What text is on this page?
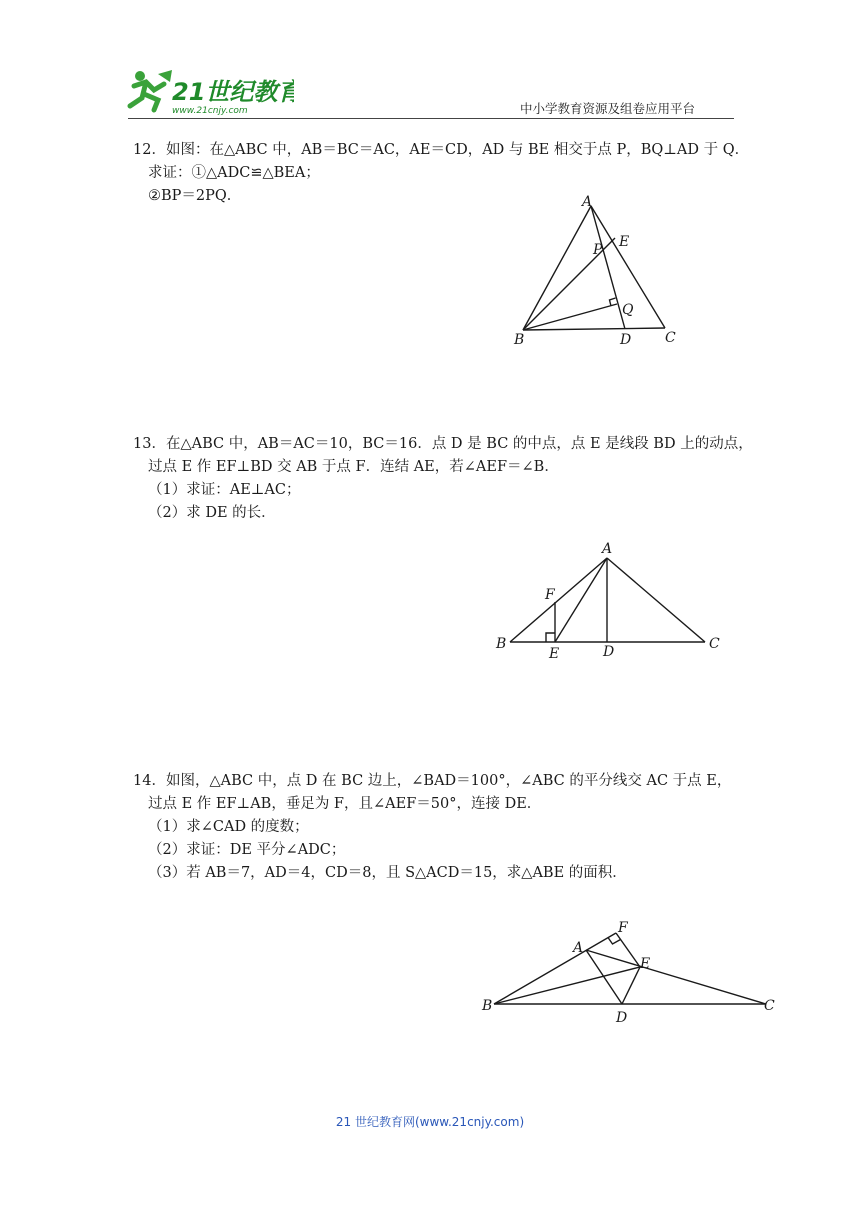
21世纪教育
www.21cnjy.com	中小学教育资源及组卷应用平台
12．如图：在△ABC 中，AB＝BC＝AC，AE＝CD，AD 与 BE 相交于点 P，BQ⊥AD 于 Q．
求证：①△ADC≌△BEA；
②BP＝2PQ．	A
P E
Q
B	D C
13．在△ABC 中，AB＝AC＝10，BC＝16．点 D 是 BC 的中点，点 E 是线段 BD 上的动点，
过点 E 作 EF⊥BD 交 AB 于点 F．连结 AE，若∠AEF＝∠B．
（1）求证：AE⊥AC；
（2）求 DE 的长．
A
F
B
E	D	C
14．如图，△ABC 中，点 D 在 BC 边上，∠BAD＝100°，∠ABC 的平分线交 AC 于点 E，
过点 E 作 EF⊥AB，垂足为 F，且∠AEF＝50°，连接 DE．
（1）求∠CAD 的度数；
（2）求证：DE 平分∠ADC；
（3）若 AB＝7，AD＝4，CD＝8，且 S△ACD＝15，求△ABE 的面积．
F
A
E
B
D
C
21 世纪教育网(www.21cnjy.com)
